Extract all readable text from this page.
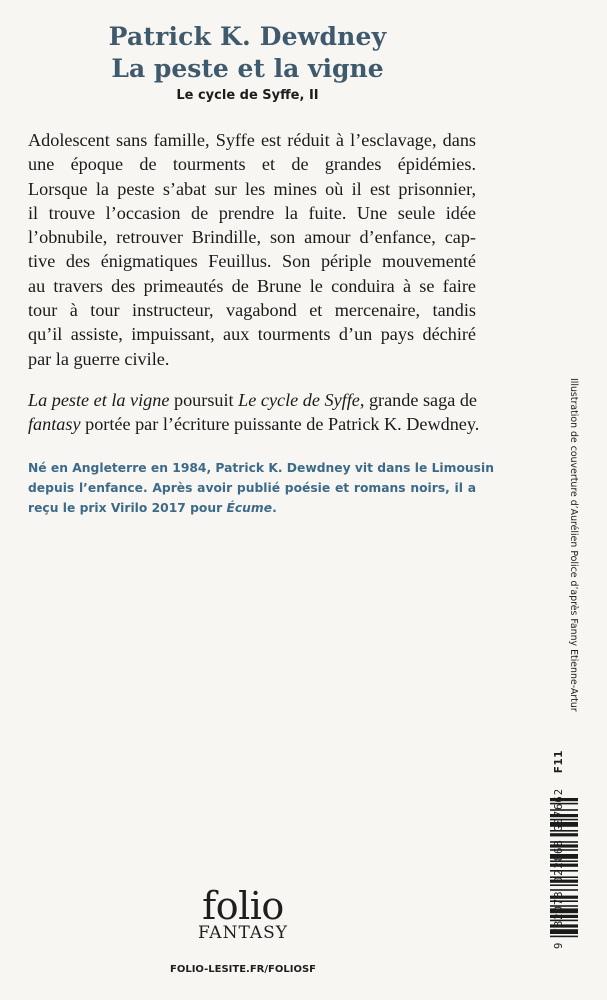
Patrick K. Dewdney
La peste et la vigne
Le cycle de Syffe, II
Adolescent sans famille, Syffe est réduit à l’esclavage, dans
une époque de tourments et de grandes épidémies.
Lorsque la peste s’abat sur les mines où il est prisonnier,
il trouve l’occasion de prendre la fuite. Une seule idée
l’obnubile, retrouver Brindille, son amour d’enfance, cap-
tive des énigmatiques Feuillus. Son périple mouvementé
au travers des primeautés de Brune le conduira à se faire
tour à tour instructeur, vagabond et mercenaire, tandis
qu’il assiste, impuissant, aux tourments d’un pays déchiré
par la guerre civile.
La peste et la vigne poursuit Le cycle de Syffe, grande saga de
fantasy portée par l’écriture puissante de Patrick K. Dewdney.
Né en Angleterre en 1984, Patrick K. Dewdney vit dans le Limousin
depuis l’enfance. Après avoir publié poésie et romans noirs, il a
reçu le prix Virilo 2017 pour Écume.
folio
FANTASY
FOLIO-LESITE.FR/FOLIOSF
Illustration de couverture d’Aurélien Police d’après Fanny Etienne-Artur
9 782073 022868 G07662  F11
